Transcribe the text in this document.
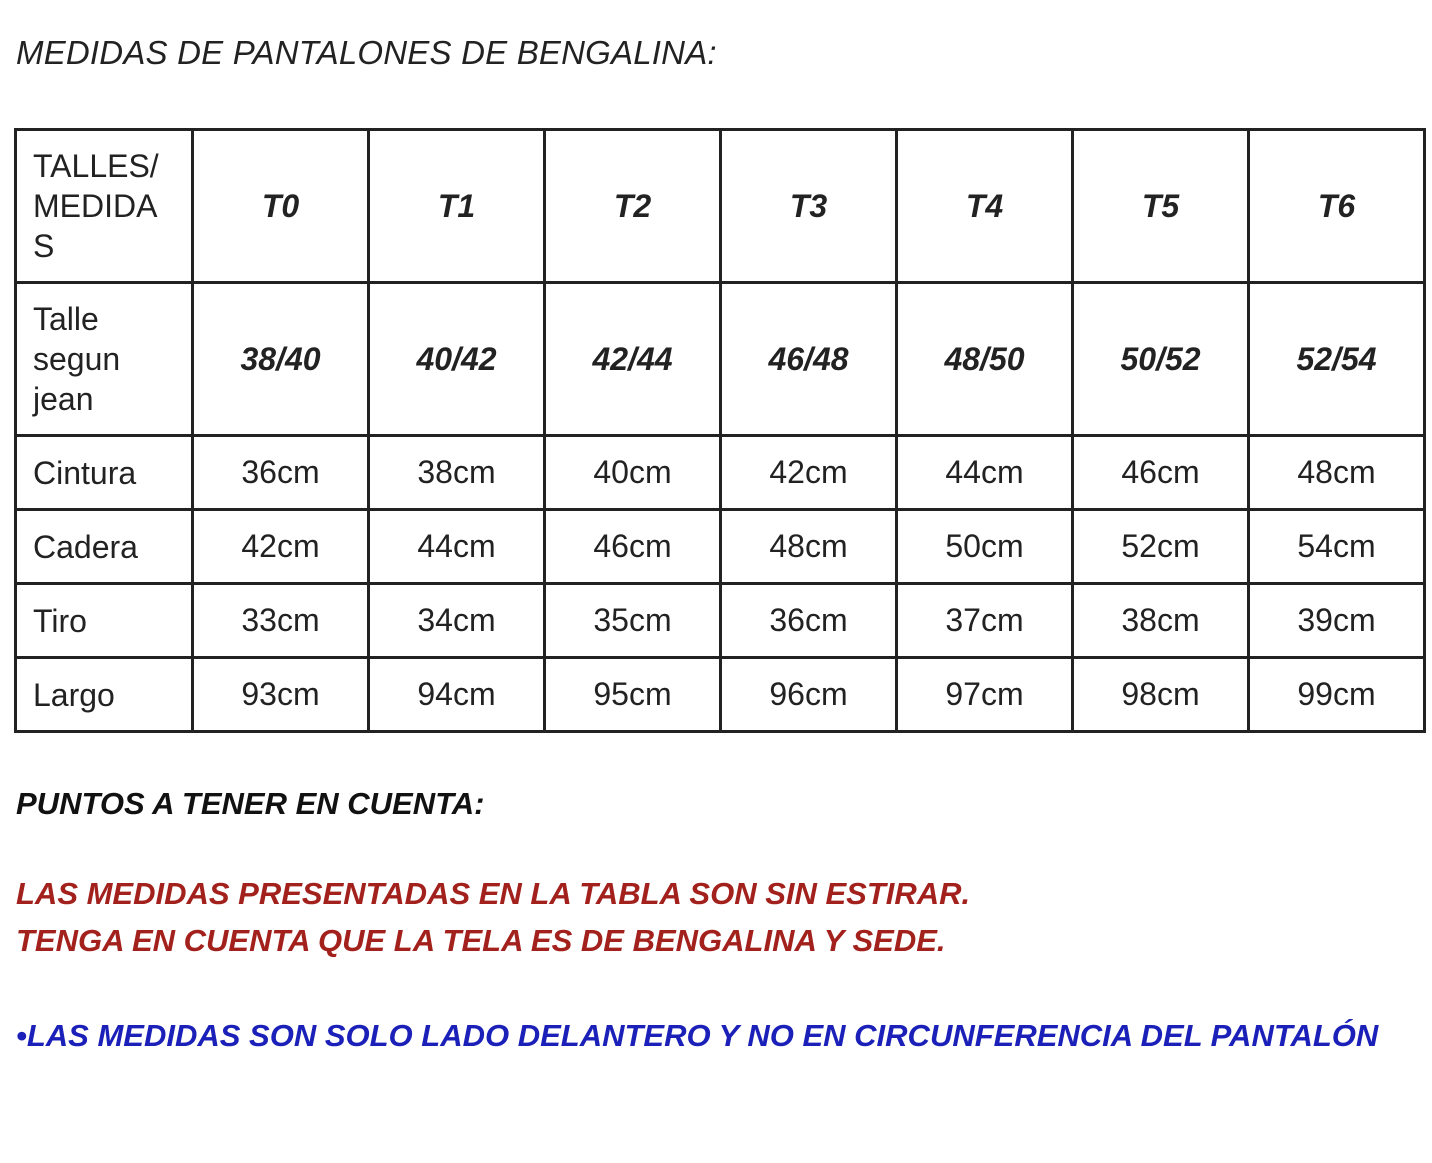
MEDIDAS DE PANTALONES DE BENGALINA:
TALLES/ MEDIDAS	T0	T1	T2	T3	T4	T5	T6

Talle segun jean	38/40	40/42	42/44	46/48	48/50	50/52	52/54
Cintura	36cm	38cm	40cm	42cm	44cm	46cm	48cm
Cadera	42cm	44cm	46cm	48cm	50cm	52cm	54cm
Tiro	33cm	34cm	35cm	36cm	37cm	38cm	39cm
Largo	93cm	94cm	95cm	96cm	97cm	98cm	99cm
PUNTOS A TENER EN CUENTA:

LAS MEDIDAS PRESENTADAS EN LA TABLA SON SIN ESTIRAR.

TENGA EN CUENTA QUE LA TELA ES DE BENGALINA Y SEDE.

•LAS MEDIDAS SON SOLO LADO DELANTERO Y NO EN CIRCUNFERENCIA DEL PANTALÓN
